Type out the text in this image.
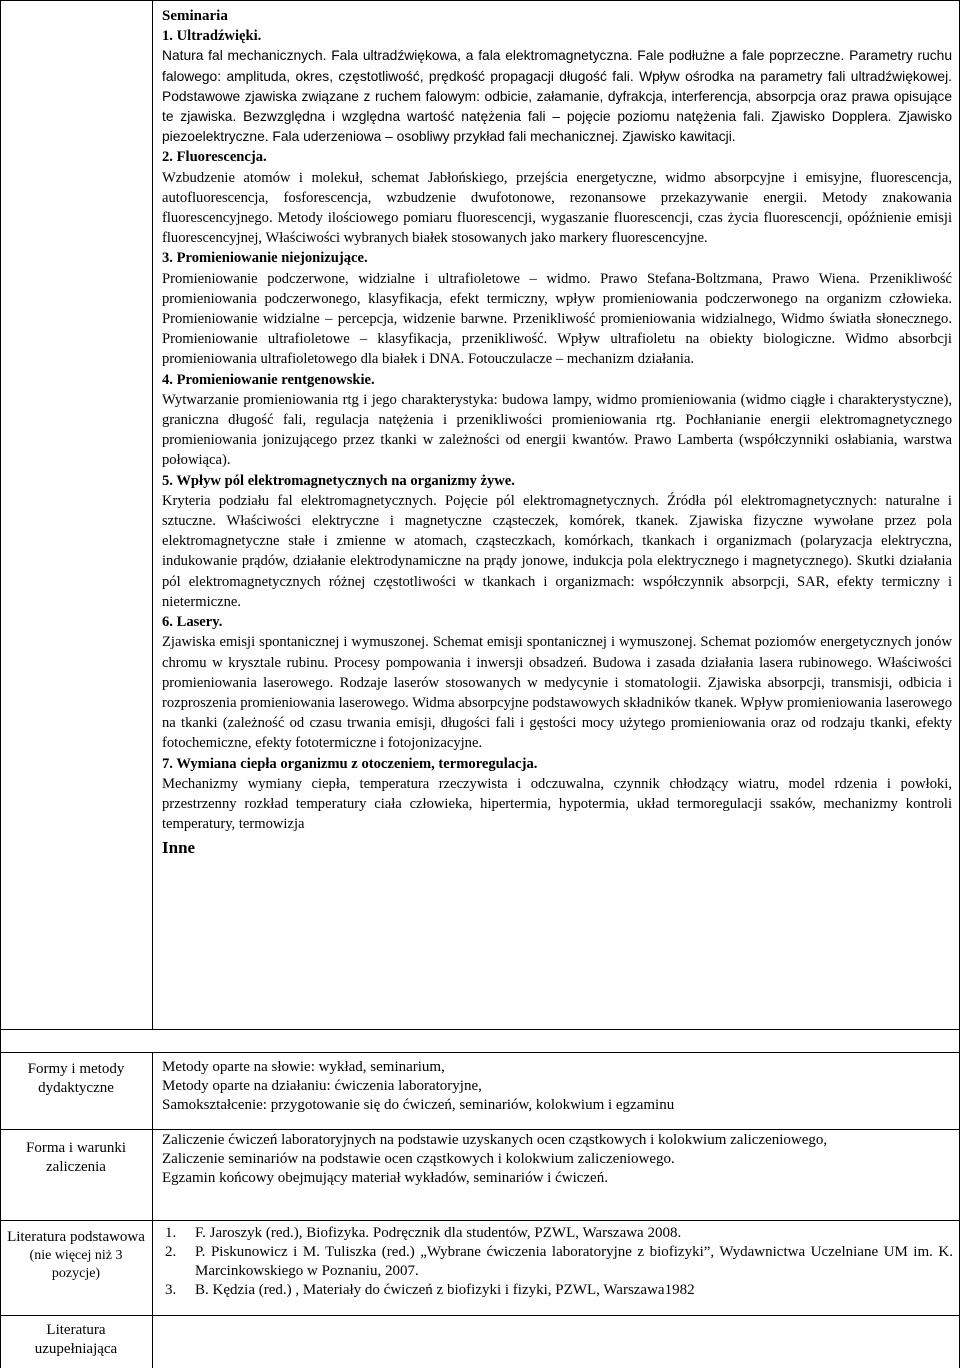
Seminaria
1. Ultradźwięki.

Natura fal mechanicznych. Fala ultradźwiękowa, a fala elektromagnetyczna. Fale podłużne a fale poprzeczne. Parametry ruchu falowego: amplituda, okres, częstotliwość, prędkość propagacji długość fali. Wpływ ośrodka na parametry fali ultradźwiękowej. Podstawowe zjawiska związane z ruchem falowym: odbicie, załamanie, dyfrakcja, interferencja, absorpcja oraz prawa opisujące te zjawiska. Bezwzględna i względna wartość natężenia fali – pojęcie poziomu natężenia fali. Zjawisko Dopplera. Zjawisko piezoelektryczne. Fala uderzeniowa – osobliwy przykład fali mechanicznej. Zjawisko kawitacji.

2. Fluorescencja.

Wzbudzenie atomów i molekuł, schemat Jabłońskiego, przejścia energetyczne, widmo absorpcyjne i emisyjne, fluorescencja, autofluorescencja, fosforescencja, wzbudzenie dwufotonowe, rezonansowe przekazywanie energii. Metody znakowania fluorescencyjnego. Metody ilościowego pomiaru fluorescencji, wygaszanie fluorescencji, czas życia fluorescencji, opóźnienie emisji fluorescencyjnej, Właściwości wybranych białek stosowanych jako markery fluorescencyjne.

3. Promieniowanie niejonizujące.

Promieniowanie podczerwone, widzialne i ultrafioletowe – widmo. Prawo Stefana-Boltzmana, Prawo Wiena. Przenikliwość promieniowania podczerwonego, klasyfikacja, efekt termiczny, wpływ promieniowania podczerwonego na organizm człowieka. Promieniowanie widzialne – percepcja, widzenie barwne. Przenikliwość promieniowania widzialnego, Widmo światła słonecznego. Promieniowanie ultrafioletowe – klasyfikacja, przenikliwość. Wpływ ultrafioletu na obiekty biologiczne. Widmo absorbcji promieniowania ultrafioletowego dla białek i DNA. Fotouczulacze – mechanizm działania.

4. Promieniowanie rentgenowskie.

Wytwarzanie promieniowania rtg i jego charakterystyka: budowa lampy, widmo promieniowania (widmo ciągłe i charakterystyczne), graniczna długość fali, regulacja natężenia i przenikliwości promieniowania rtg. Pochłanianie energii elektromagnetycznego promieniowania jonizującego przez tkanki w zależności od energii kwantów. Prawo Lamberta (współczynniki osłabiania, warstwa połowiąca).

5. Wpływ pól elektromagnetycznych na organizmy żywe.

Kryteria podziału fal elektromagnetycznych. Pojęcie pól elektromagnetycznych. Źródła pól elektromagnetycznych: naturalne i sztuczne. Właściwości elektryczne i magnetyczne cząsteczek, komórek, tkanek. Zjawiska fizyczne wywołane przez pola elektromagnetyczne stałe i zmienne w atomach, cząsteczkach, komórkach, tkankach i organizmach (polaryzacja elektryczna, indukowanie prądów, działanie elektrodynamiczne na prądy jonowe, indukcja pola elektrycznego i magnetycznego). Skutki działania pól elektromagnetycznych różnej częstotliwości w tkankach i organizmach: współczynnik absorpcji, SAR, efekty termiczny i nietermiczne.

6. Lasery.

Zjawiska emisji spontanicznej i wymuszonej. Schemat emisji spontanicznej i wymuszonej. Schemat poziomów energetycznych jonów chromu w krysztale rubinu. Procesy pompowania i inwersji obsadzeń. Budowa i zasada działania lasera rubinowego. Właściwości promieniowania laserowego. Rodzaje laserów stosowanych w medycynie i stomatologii. Zjawiska absorpcji, transmisji, odbicia i rozproszenia promieniowania laserowego. Widma absorpcyjne podstawowych składników tkanek. Wpływ promieniowania laserowego na tkanki (zależność od czasu trwania emisji, długości fali i gęstości mocy użytego promieniowania oraz od rodzaju tkanki, efekty fotochemiczne, efekty fototermiczne i fotojonizacyjne.

7. Wymiana ciepła organizmu z otoczeniem, termoregulacja.

Mechanizmy wymiany ciepła, temperatura rzeczywista i odczuwalna, czynnik chłodzący wiatru, model rdzenia i powłoki, przestrzenny rozkład temperatury ciała człowieka, hipertermia, hypotermia, układ termoregulacji ssaków, mechanizmy kontroli temperatury, termowizja

Inne
Formy i metody dydaktyczne

Metody oparte na słowie: wykład, seminarium,

Metody oparte na działaniu: ćwiczenia laboratoryjne,

Samokształcenie: przygotowanie się do ćwiczeń, seminariów, kolokwium i egzaminu

Forma i warunki zaliczenia

Zaliczenie ćwiczeń laboratoryjnych na podstawie uzyskanych ocen cząstkowych i kolokwium zaliczeniowego,

Zaliczenie seminariów na podstawie ocen cząstkowych i kolokwium zaliczeniowego.

Egzamin końcowy obejmujący materiał wykładów, seminariów i ćwiczeń.

Literatura podstawowa
(nie więcej niż 3 pozycje)
1. F. Jaroszyk (red.), Biofizyka. Podręcznik dla studentów, PZWL, Warszawa 2008.
2. P. Piskunowicz i M. Tuliszka (red.) „Wybrane ćwiczenia laboratoryjne z biofizyki”, Wydawnictwa Uczelniane UM im. K. Marcinkowskiego w Poznaniu, 2007.
3. B. Kędzia (red.) , Materiały do ćwiczeń z biofizyki i fizyki, PZWL, Warszawa1982
Literatura uzupełniająca
